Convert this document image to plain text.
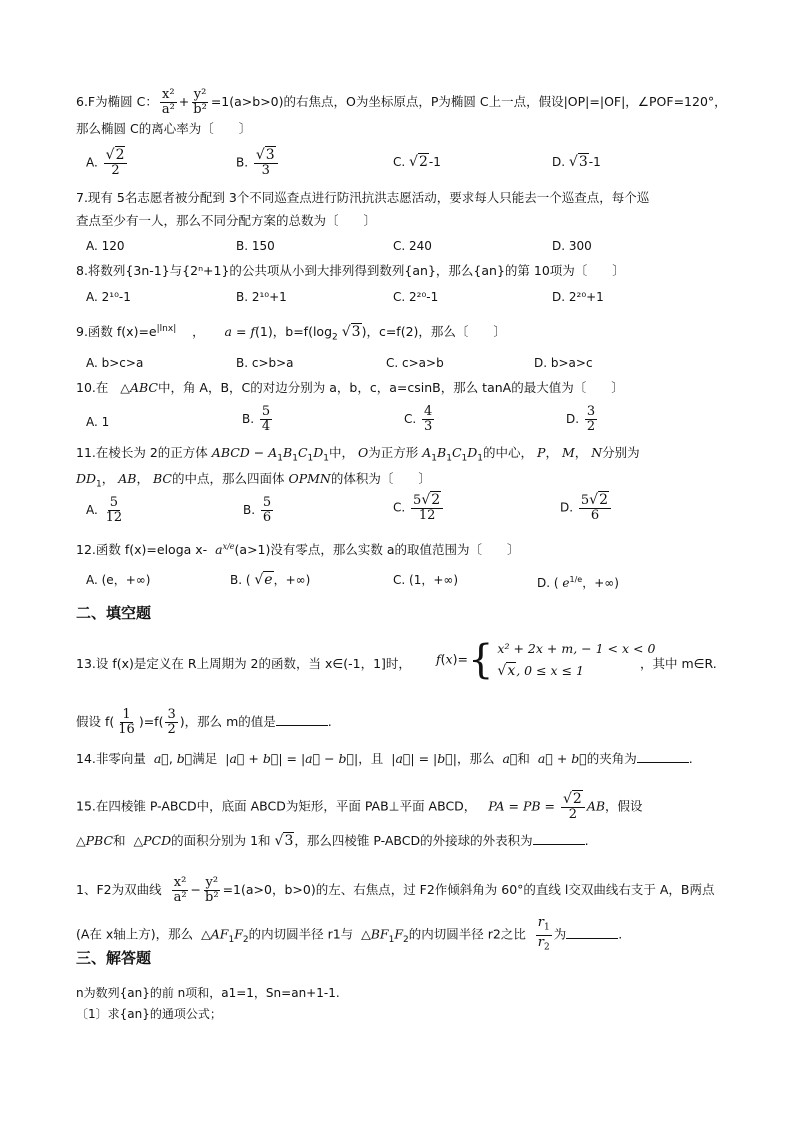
6.F为椭圆 C： $\frac{\text{x²}}{\text{a²}} + \frac{\text{y²}}{\text{b²}} =1(a>b>0)$的右焦点，O为坐标原点，P为椭圆 C上一点，假设|OP|=|OF|，∠POF=120°，
那么椭圆 C的离心率为〔　　〕
A. $\frac{√2}{2}$	B. $\frac{√3}{3}$	C. √2-1	D. √3-1
7.现有 5名志愿者被分配到 3个不同巡查点进行防汛抗洪志愿活动，要求每人只能去一个巡查点，每个巡
查点至少有一人，那么不同分配方案的总数为〔　　〕
A. 120	B. 150	C. 240	D. 300
8.将数列{3n-1}与{2ⁿ+1}的公共项从小到大排列得到数列{an}，那么{an}的第 10项为〔　　〕
A. 2¹⁰-1	B. 2¹⁰+1	C. 2²⁰-1	D. 2²⁰+1
9.函数 $f(x)=e^{|lnx|}$ ， a = f(1)，$b=f(\log_2$ √3)，c=f(2)，那么〔　　〕
A. b>c>a	B. c>b>a	C. c>a>b	D. b>a>c
10.在   △ABC中，角 A，B，C的对边分别为 a，b，c，a=csinB，那么 tanA的最大值为〔　　〕
A. 1	B. $\frac{5}{4}$	C. $\frac{4}{3}$	D. $\frac{3}{2}$
11.在棱长为 2的正方体 ABCD − $A_1B_1C_1D_1$中， O为正方形 $A_1B_1C_1D_1$的中心， P， M， N分别为
$DD_1$， AB， BC的中点，那么四面体 OPMN的体积为〔　　〕
A. $\frac{5}{12}$	B. $\frac{5}{6}$	C. $\frac{5√2}{12}$	D. $\frac{5√2}{6}$
12.函数 f(x)=eloga x- $a^{x/e}(a>1)$没有零点，那么实数 a的取值范围为〔　　〕
A. (e，+∞)	B. ( √e，+∞)	C. (1，+∞)	D. ( $e^{1/e}$，+∞)
二、填空题
13.设 f(x)是定义在 R上周期为 2的函数，当 x∈(-1，1]时， f(x)={ x² + 2x + m, − 1 < x < 0
√x, 0 ≤ x ≤ 1	，其中 m∈R.
假设 $f( \frac{1}{16} )=f( \frac{3}{2}$ )，那么 m的值是	.
14.非零向量 a⃗, b⃗满足 |a⃗ + b⃗| = |a⃗ − b⃗|，且 |a⃗| = |b⃗|，那么 a⃗和 a⃗ + b⃗的夹角为	.
15.在四棱锥 P-ABCD中，底面 ABCD为矩形，平面 PAB⊥平面 ABCD， PA = PB = $\frac{√2}{2}$ AB，假设
△PBC和  △PCD的面积分别为 1和 √3，那么四棱锥 P-ABCD的外接球的外表积为	.
1、F2为双曲线 $\frac{\text{x²}}{\text{a²}} - \frac{\text{y²}}{\text{b²}} =1(a>0$，b>0)的左、右焦点，过 F2作倾斜角为 60°的直线 l交双曲线右支于 A，B两点
(A在 x轴上方)，那么  $\triangle AF_1F_2$的内切圆半径 r1与  $\triangle BF_1F_2$的内切圆半径 r2之比 $\frac{r_1}{r_2}$ 为	.
三、解答题
n为数列{an}的前 n项和，a1=1，Sn=an+1-1.
〔1〕求{an}的通项公式；
